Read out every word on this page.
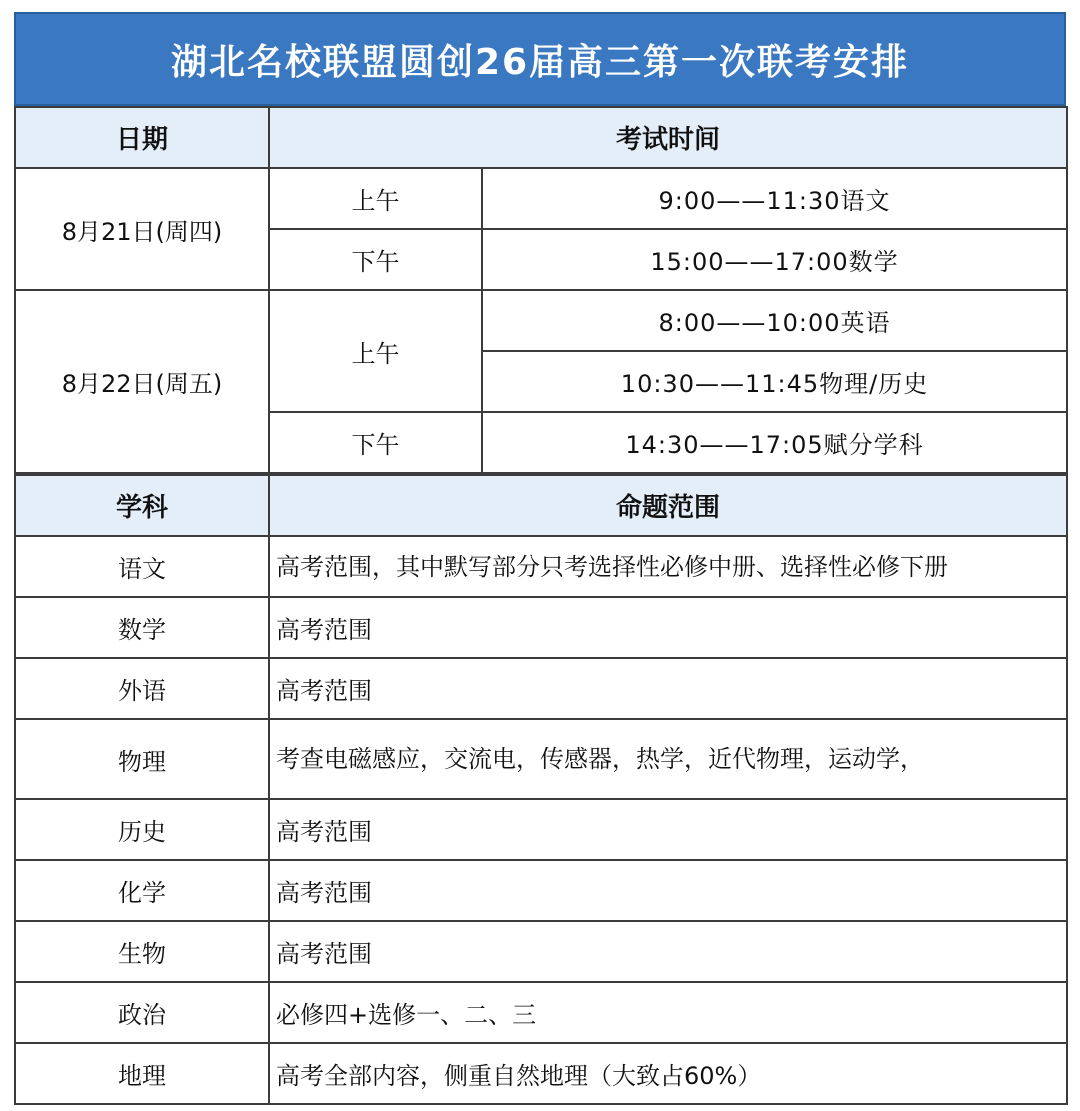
湖北名校联盟圆创26届高三第一次联考安排
日期	考试时间	
8月21日(周四)	上午	9:00——11:30语文
	下午	15:00——17:00数学
8月22日(周五)	上午	8:00——10:00英语
		10:30——11:45物理/历史
	下午	14:30——17:05赋分学科
学科	命题范围
语文	高考范围，其中默写部分只考选择性必修中册、选择性必修下册

数学	高考范围
外语	高考范围
物理	考查电磁感应，交流电，传感器，热学，近代物理，运动学，

历史	高考范围
化学	高考范围
生物	高考范围
政治	必修四+选修一、二、三
地理	高考全部内容，侧重自然地理（大致占60%）
